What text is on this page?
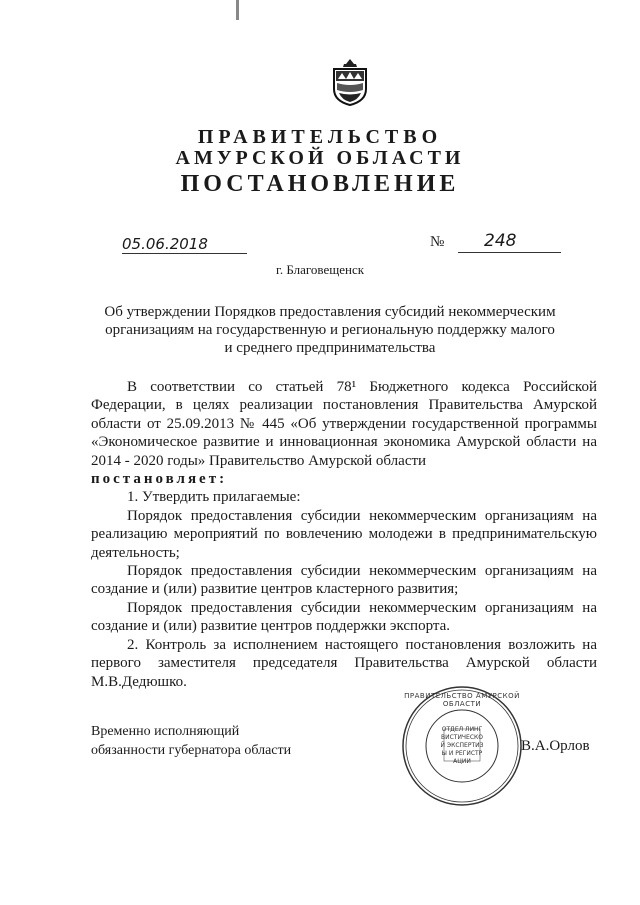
ПРАВИТЕЛЬСТВО
АМУРСКОЙ ОБЛАСТИ
ПОСТАНОВЛЕНИЕ
05.06.2018	№	248
г. Благовещенск
Об утверждении Порядков предоставления субсидий некоммерческим организациям на государственную и региональную поддержку малого и среднего предпринимательства

В соответствии со статьей 78¹ Бюджетного кодекса Российской Федерации, в целях реализации постановления Правительства Амурской области от 25.09.2013 № 445 «Об утверждении государственной программы «Экономическое развитие и инновационная экономика Амурской области на 2014 - 2020 годы» Правительство Амурской области

постановляет:

1. Утвердить прилагаемые:

Порядок предоставления субсидии некоммерческим организациям на реализацию мероприятий по вовлечению молодежи в предпринимательскую деятельность;

Порядок предоставления субсидии некоммерческим организациям на создание и (или) развитие центров кластерного развития;

Порядок предоставления субсидии некоммерческим организациям на создание и (или) развитие центров поддержки экспорта.

2. Контроль за исполнением настоящего постановления возложить на первого заместителя председателя Правительства Амурской области М.В.Дедюшко.

Временно исполняющий
обязанности губернатора области
ОТДЕЛ ЛИНГВИСТИЧЕСКОЙ ЭКСПЕРТИЗЫ И РЕГИСТРАЦИИ
ПРАВИТЕЛЬСТВО АМУРСКОЙ ОБЛАСТИ
В.А.Орлов
